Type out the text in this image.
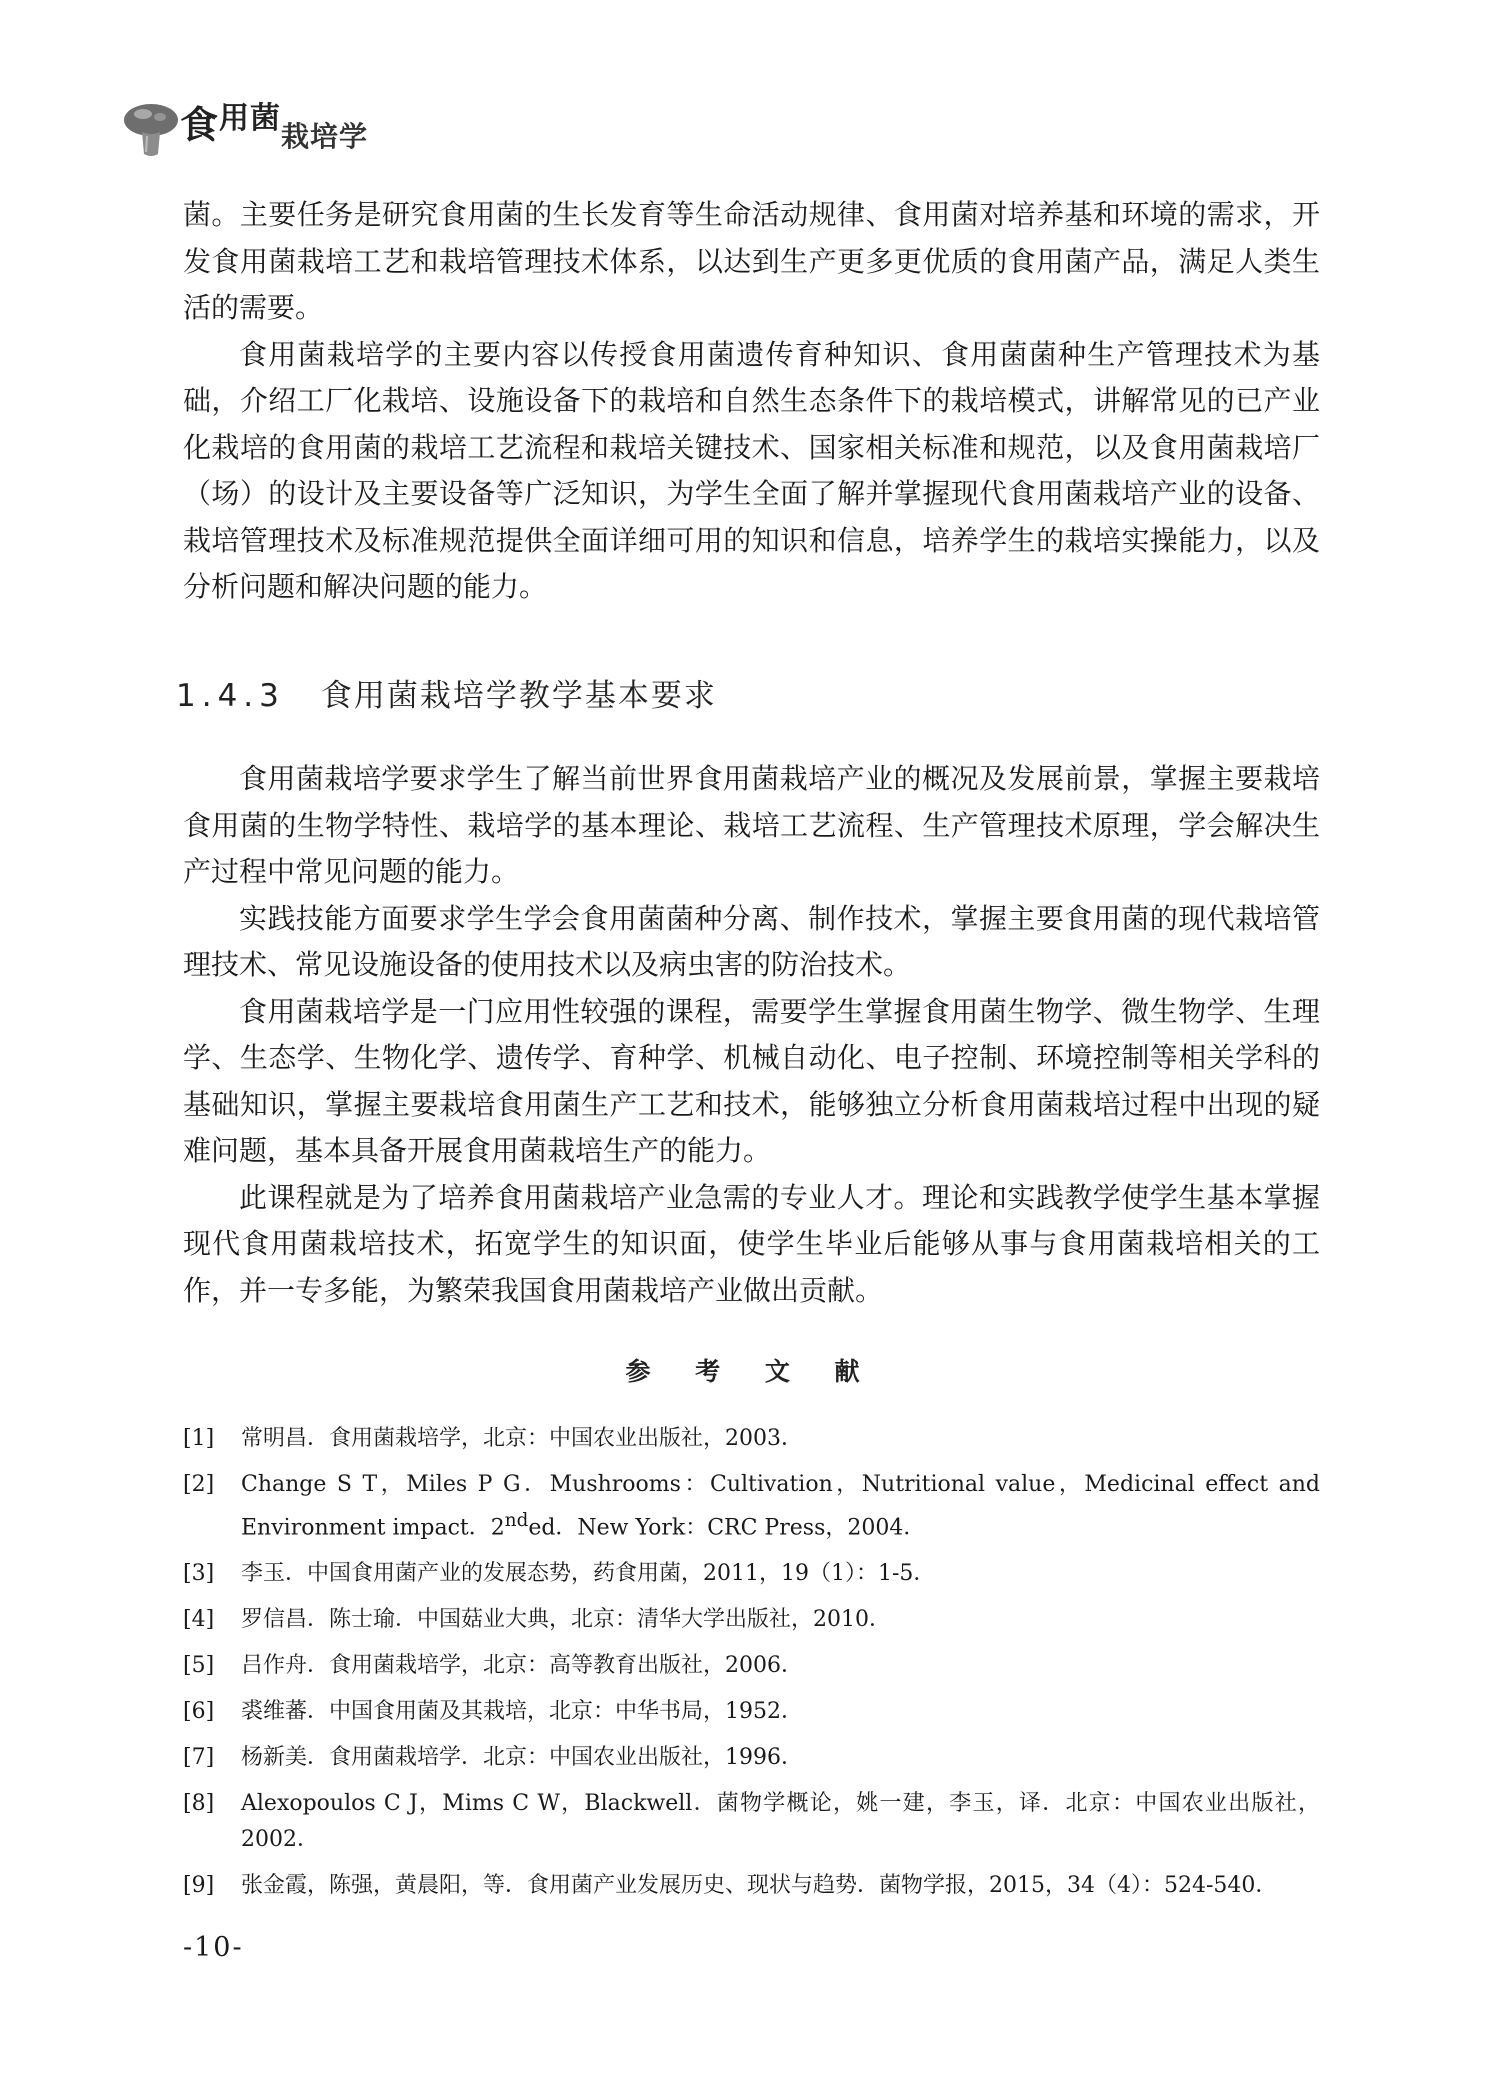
食$^{用菌}_{栽培学}$

菌。主要任务是研究食用菌的生长发育等生命活动规律、食用菌对培养基和环境的需求，开发食用菌栽培工艺和栽培管理技术体系，以达到生产更多更优质的食用菌产品，满足人类生活的需要。

食用菌栽培学的主要内容以传授食用菌遗传育种知识、食用菌菌种生产管理技术为基础，介绍工厂化栽培、设施设备下的栽培和自然生态条件下的栽培模式，讲解常见的已产业化栽培的食用菌的栽培工艺流程和栽培关键技术、国家相关标准和规范，以及食用菌栽培厂（场）的设计及主要设备等广泛知识，为学生全面了解并掌握现代食用菌栽培产业的设备、栽培管理技术及标准规范提供全面详细可用的知识和信息，培养学生的栽培实操能力，以及分析问题和解决问题的能力。

1.4.3 食用菌栽培学教学基本要求

食用菌栽培学要求学生了解当前世界食用菌栽培产业的概况及发展前景，掌握主要栽培食用菌的生物学特性、栽培学的基本理论、栽培工艺流程、生产管理技术原理，学会解决生产过程中常见问题的能力。

实践技能方面要求学生学会食用菌菌种分离、制作技术，掌握主要食用菌的现代栽培管理技术、常见设施设备的使用技术以及病虫害的防治技术。

食用菌栽培学是一门应用性较强的课程，需要学生掌握食用菌生物学、微生物学、生理学、生态学、生物化学、遗传学、育种学、机械自动化、电子控制、环境控制等相关学科的基础知识，掌握主要栽培食用菌生产工艺和技术，能够独立分析食用菌栽培过程中出现的疑难问题，基本具备开展食用菌栽培生产的能力。

此课程就是为了培养食用菌栽培产业急需的专业人才。理论和实践教学使学生基本掌握现代食用菌栽培技术，拓宽学生的知识面，使学生毕业后能够从事与食用菌栽培相关的工作，并一专多能，为繁荣我国食用菌栽培产业做出贡献。

参 考 文 献
[1] 常明昌．食用菌栽培学，北京：中国农业出版社，2003．
[2] Change S T，Miles P G．Mushrooms：Cultivation，Nutritional value，Medicinal effect and Environment impact．2nded．New York：CRC Press，2004．
[3] 李玉．中国食用菌产业的发展态势，药食用菌，2011，19（1）：1-5．
[4] 罗信昌．陈士瑜．中国菇业大典，北京：清华大学出版社，2010．
[5] 吕作舟．食用菌栽培学，北京：高等教育出版社，2006．
[6] 裘维蕃．中国食用菌及其栽培，北京：中华书局，1952．
[7] 杨新美．食用菌栽培学．北京：中国农业出版社，1996．
[8] Alexopoulos C J，Mims C W，Blackwell．菌物学概论，姚一建，李玉，译．北京：中国农业出版社，2002．
[9] 张金霞，陈强，黄晨阳，等．食用菌产业发展历史、现状与趋势．菌物学报，2015，34（4）：524-540．
-10-
